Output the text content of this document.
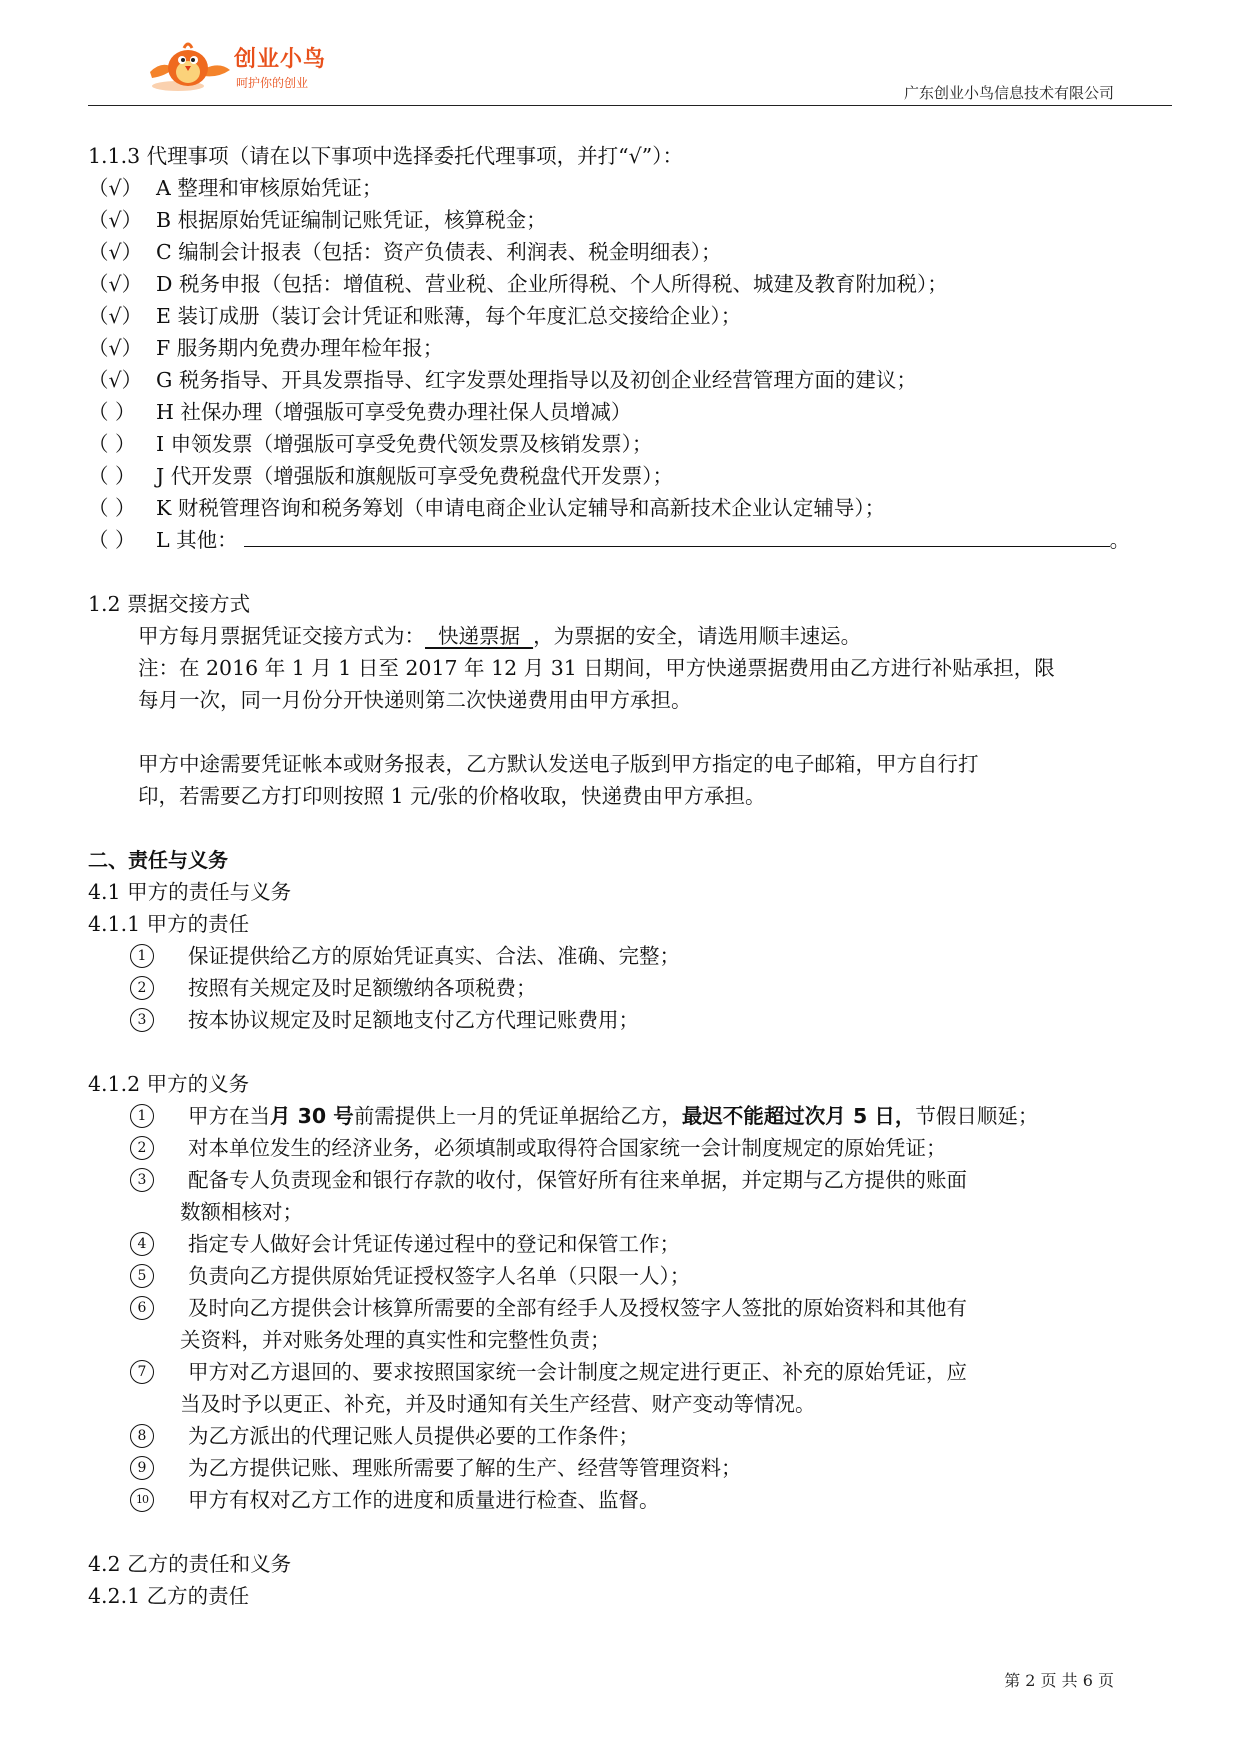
创业小鸟
呵护你的创业
广东创业小鸟信息技术有限公司
1.1.3 代理事项（请在以下事项中选择委托代理事项，并打“√”）：
（√） A 整理和审核原始凭证；
（√） B 根据原始凭证编制记账凭证，核算税金；
（√） C 编制会计报表（包括：资产负债表、利润表、税金明细表）；
（√） D 税务申报（包括：增值税、营业税、企业所得税、个人所得税、城建及教育附加税）；
（√） E 装订成册（装订会计凭证和账薄，每个年度汇总交接给企业）；
（√） F 服务期内免费办理年检年报；
（√） G 税务指导、开具发票指导、红字发票处理指导以及初创企业经营管理方面的建议；
（ ） H 社保办理（增强版可享受免费办理社保人员增减）
（ ） I 申领发票（增强版可享受免费代领发票及核销发票）；
（ ） J 代开发票（增强版和旗舰版可享受免费税盘代开发票）；
（ ） K 财税管理咨询和税务筹划（申请电商企业认定辅导和高新技术企业认定辅导）；
（ ） L 其他：	。
1.2 票据交接方式
甲方每月票据凭证交接方式为：  快递票据  ，为票据的安全，请选用顺丰速运。
注：在 2016 年 1 月 1 日至 2017 年 12 月 31 日期间，甲方快递票据费用由乙方进行补贴承担，限
每月一次，同一月份分开快递则第二次快递费用由甲方承担。
甲方中途需要凭证帐本或财务报表，乙方默认发送电子版到甲方指定的电子邮箱，甲方自行打
印，若需要乙方打印则按照 1 元/张的价格收取，快递费由甲方承担。
二、责任与义务
4.1 甲方的责任与义务
4.1.1 甲方的责任
1 保证提供给乙方的原始凭证真实、合法、准确、完整；
2 按照有关规定及时足额缴纳各项税费；
3 按本协议规定及时足额地支付乙方代理记账费用；
4.1.2 甲方的义务
1 甲方在当月 30 号前需提供上一月的凭证单据给乙方，最迟不能超过次月 5 日，节假日顺延；
2 对本单位发生的经济业务，必须填制或取得符合国家统一会计制度规定的原始凭证；
3 配备专人负责现金和银行存款的收付，保管好所有往来单据，并定期与乙方提供的账面
数额相核对；
4 指定专人做好会计凭证传递过程中的登记和保管工作；
5 负责向乙方提供原始凭证授权签字人名单（只限一人）；
6 及时向乙方提供会计核算所需要的全部有经手人及授权签字人签批的原始资料和其他有
关资料，并对账务处理的真实性和完整性负责；
7 甲方对乙方退回的、要求按照国家统一会计制度之规定进行更正、补充的原始凭证，应
当及时予以更正、补充，并及时通知有关生产经营、财产变动等情况。
8 为乙方派出的代理记账人员提供必要的工作条件；
9 为乙方提供记账、理账所需要了解的生产、经营等管理资料；
10 甲方有权对乙方工作的进度和质量进行检查、监督。
4.2 乙方的责任和义务
4.2.1 乙方的责任
第 2 页 共 6 页
